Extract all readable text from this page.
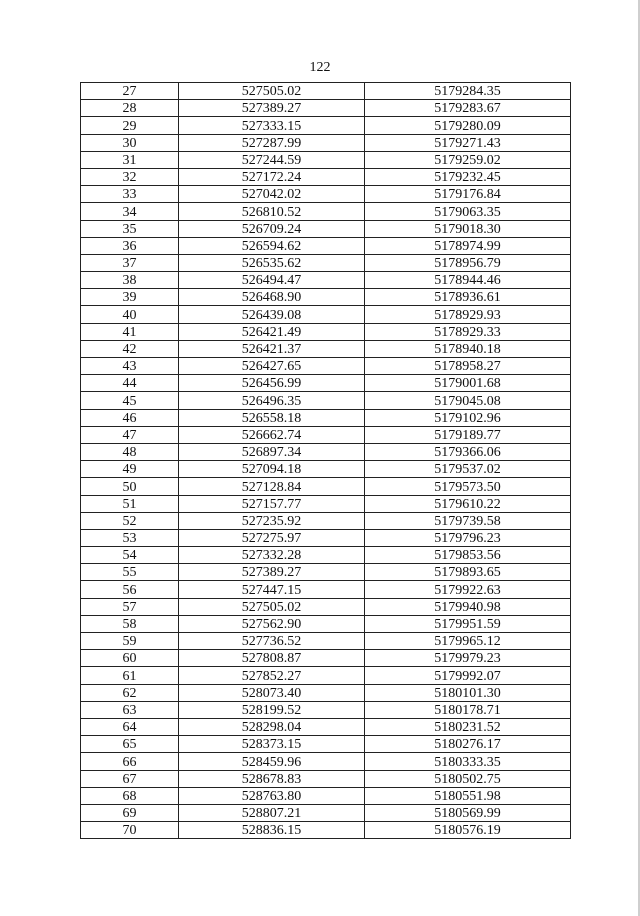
122
27	527505.02	5179284.35
28	527389.27	5179283.67
29	527333.15	5179280.09
30	527287.99	5179271.43
31	527244.59	5179259.02
32	527172.24	5179232.45
33	527042.02	5179176.84
34	526810.52	5179063.35
35	526709.24	5179018.30
36	526594.62	5178974.99
37	526535.62	5178956.79
38	526494.47	5178944.46
39	526468.90	5178936.61
40	526439.08	5178929.93
41	526421.49	5178929.33
42	526421.37	5178940.18
43	526427.65	5178958.27
44	526456.99	5179001.68
45	526496.35	5179045.08
46	526558.18	5179102.96
47	526662.74	5179189.77
48	526897.34	5179366.06
49	527094.18	5179537.02
50	527128.84	5179573.50
51	527157.77	5179610.22
52	527235.92	5179739.58
53	527275.97	5179796.23
54	527332.28	5179853.56
55	527389.27	5179893.65
56	527447.15	5179922.63
57	527505.02	5179940.98
58	527562.90	5179951.59
59	527736.52	5179965.12
60	527808.87	5179979.23
61	527852.27	5179992.07
62	528073.40	5180101.30
63	528199.52	5180178.71
64	528298.04	5180231.52
65	528373.15	5180276.17
66	528459.96	5180333.35
67	528678.83	5180502.75
68	528763.80	5180551.98
69	528807.21	5180569.99
70	528836.15	5180576.19
